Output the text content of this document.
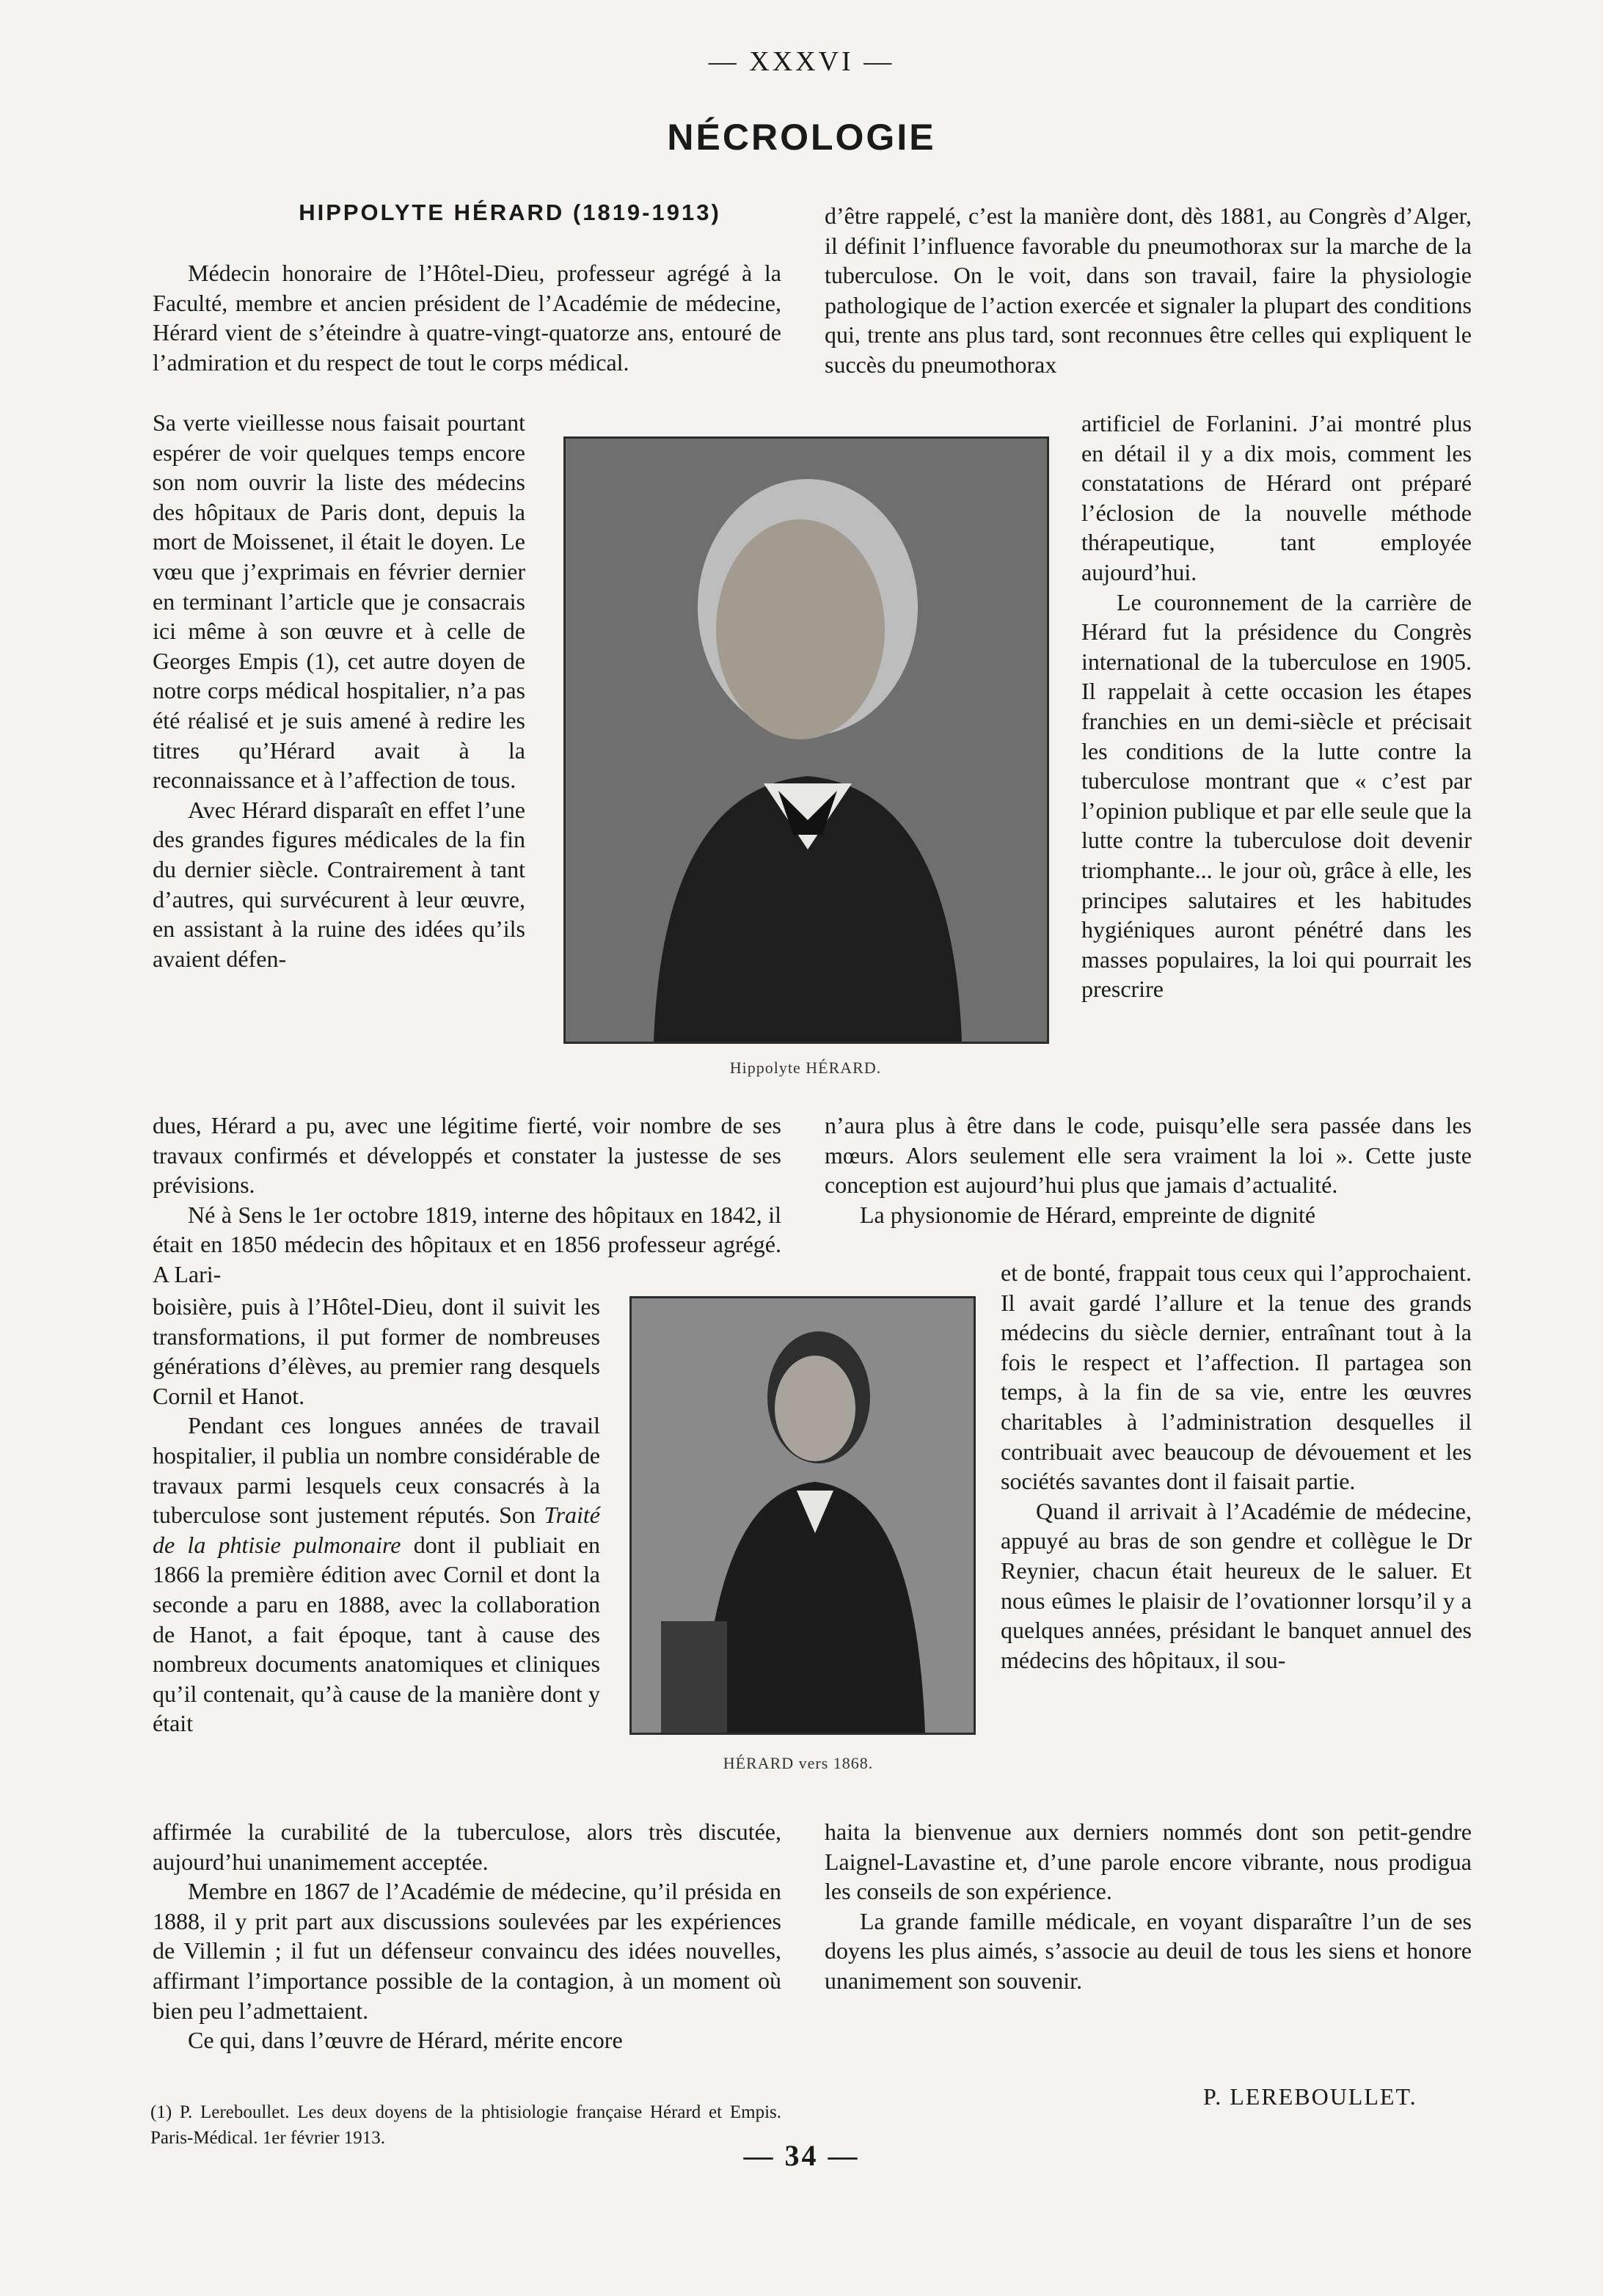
— XXXVI —
NÉCROLOGIE
HIPPOLYTE HÉRARD (1819-1913)

Médecin honoraire de l’Hôtel-Dieu, professeur agrégé à la Faculté, membre et ancien président de l’Académie de médecine, Hérard vient de s’éteindre à quatre-vingt-quatorze ans, entouré de l’admiration et du respect de tout le corps médical.

Sa verte vieillesse nous faisait pourtant espérer de voir quelques temps encore son nom ouvrir la liste des médecins des hôpitaux de Paris dont, depuis la mort de Moissenet, il était le doyen. Le vœu que j’exprimais en février dernier en terminant l’article que je consacrais ici même à son œuvre et à celle de Georges Empis (1), cet autre doyen de notre corps médical hospitalier, n’a pas été réalisé et je suis amené à redire les titres qu’Hérard avait à la reconnaissance et à l’affection de tous.

Avec Hérard disparaît en effet l’une des grandes figures médicales de la fin du dernier siècle. Contrairement à tant d’autres, qui survécurent à leur œuvre, en assistant à la ruine des idées qu’ils avaient défen-

dues, Hérard a pu, avec une légitime fierté, voir nombre de ses travaux confirmés et développés et constater la justesse de ses prévisions.

Né à Sens le 1er octobre 1819, interne des hôpitaux en 1842, il était en 1850 médecin des hôpitaux et en 1856 professeur agrégé. A Lari-

boisière, puis à l’Hôtel-Dieu, dont il suivit les transformations, il put former de nombreuses générations d’élèves, au premier rang desquels Cornil et Hanot.

Pendant ces longues années de travail hospitalier, il publia un nombre considérable de travaux parmi lesquels ceux consacrés à la tuberculose sont justement réputés. Son Traité de la phtisie pulmonaire dont il publiait en 1866 la première édition avec Cornil et dont la seconde a paru en 1888, avec la collaboration de Hanot, a fait époque, tant à cause des nombreux documents anatomiques et cliniques qu’il contenait, qu’à cause de la manière dont y était

affirmée la curabilité de la tuberculose, alors très discutée, aujourd’hui unanimement acceptée.

Membre en 1867 de l’Académie de médecine, qu’il présida en 1888, il y prit part aux discussions soulevées par les expériences de Villemin ; il fut un défenseur convaincu des idées nouvelles, affirmant l’importance possible de la contagion, à un moment où bien peu l’admettaient.

Ce qui, dans l’œuvre de Hérard, mérite encore

(1) P. Lereboullet. Les deux doyens de la phtisiologie française Hérard et Empis. Paris-Médical. 1er février 1913.
Hippolyte HÉRARD.
HÉRARD vers 1868.

d’être rappelé, c’est la manière dont, dès 1881, au Congrès d’Alger, il définit l’influence favorable du pneumothorax sur la marche de la tuberculose. On le voit, dans son travail, faire la physiologie pathologique de l’action exercée et signaler la plupart des conditions qui, trente ans plus tard, sont reconnues être celles qui expliquent le succès du pneumothorax

artificiel de Forlanini. J’ai montré plus en détail il y a dix mois, comment les constatations de Hérard ont préparé l’éclosion de la nouvelle méthode thérapeutique, tant employée aujourd’hui.

Le couronnement de la carrière de Hérard fut la présidence du Congrès international de la tuberculose en 1905. Il rappelait à cette occasion les étapes franchies en un demi-siècle et précisait les conditions de la lutte contre la tuberculose montrant que « c’est par l’opinion publique et par elle seule que la lutte contre la tuberculose doit devenir triomphante... le jour où, grâce à elle, les principes salutaires et les habitudes hygiéniques auront pénétré dans les masses populaires, la loi qui pourrait les prescrire

n’aura plus à être dans le code, puisqu’elle sera passée dans les mœurs. Alors seulement elle sera vraiment la loi ». Cette juste conception est aujourd’hui plus que jamais d’actualité.

La physionomie de Hérard, empreinte de dignité

et de bonté, frappait tous ceux qui l’approchaient. Il avait gardé l’allure et la tenue des grands médecins du siècle dernier, entraînant tout à la fois le respect et l’affection. Il partagea son temps, à la fin de sa vie, entre les œuvres charitables à l’administration desquelles il contribuait avec beaucoup de dévouement et les sociétés savantes dont il faisait partie.

Quand il arrivait à l’Académie de médecine, appuyé au bras de son gendre et collègue le Dr Reynier, chacun était heureux de le saluer. Et nous eûmes le plaisir de l’ovationner lorsqu’il y a quelques années, présidant le banquet annuel des médecins des hôpitaux, il sou-

haita la bienvenue aux derniers nommés dont son petit-gendre Laignel-Lavastine et, d’une parole encore vibrante, nous prodigua les conseils de son expérience.

La grande famille médicale, en voyant disparaître l’un de ses doyens les plus aimés, s’associe au deuil de tous les siens et honore unanimement son souvenir.

P. LEREBOULLET.
— 34 —
